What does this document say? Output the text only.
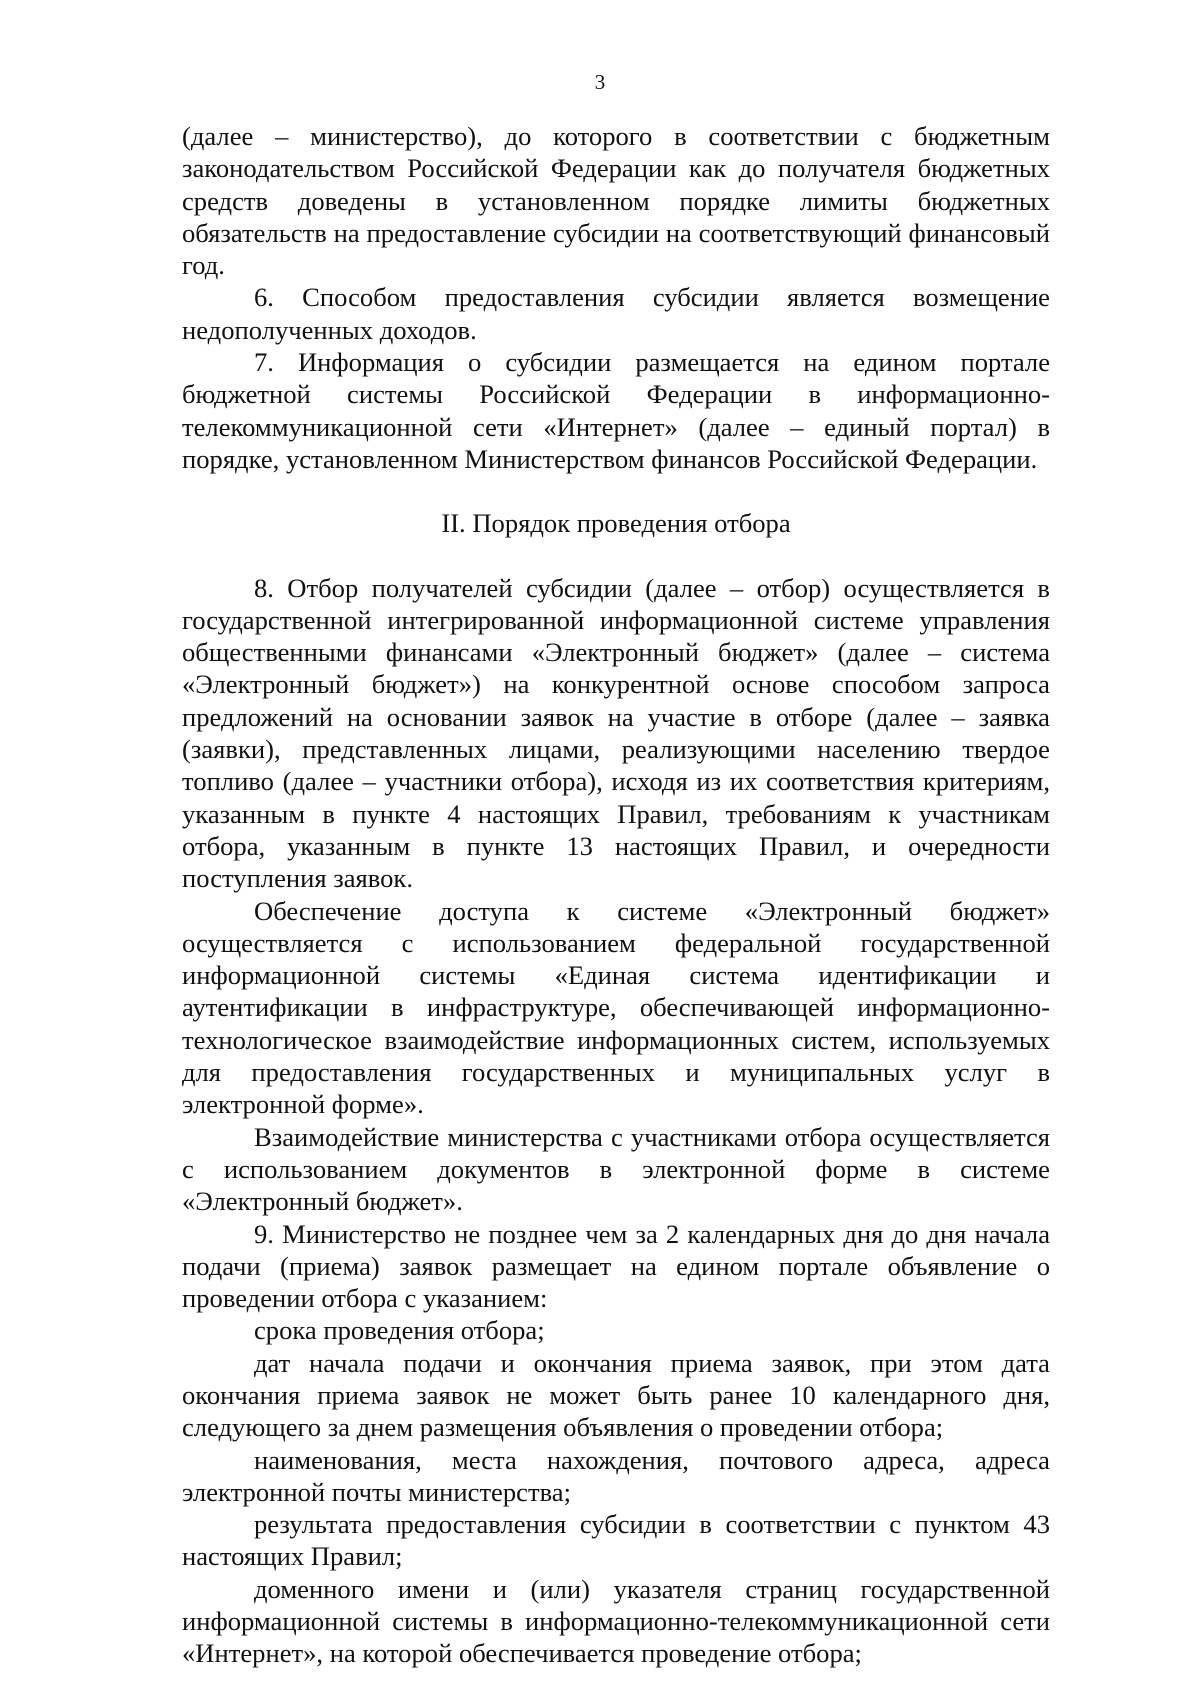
3

(далее – министерство), до которого в соответствии с бюджетным законодательством Российской Федерации как до получателя бюджетных средств доведены в установленном порядке лимиты бюджетных обязательств на предоставление субсидии на соответствующий финансовый год.

6. Способом предоставления субсидии является возмещение недополученных доходов.

7. Информация о субсидии размещается на едином портале бюджетной системы Российской Федерации в информационно-телекоммуникационной сети «Интернет» (далее – единый портал) в порядке, установленном Министерством финансов Российской Федерации.

II. Порядок проведения отбора

8. Отбор получателей субсидии (далее – отбор) осуществляется в государственной интегрированной информационной системе управления общественными финансами «Электронный бюджет» (далее – система «Электронный бюджет») на конкурентной основе способом запроса предложений на основании заявок на участие в отборе (далее – заявка (заявки), представленных лицами, реализующими населению твердое топливо (далее – участники отбора), исходя из их соответствия критериям, указанным в пункте 4 настоящих Правил, требованиям к участникам отбора, указанным в пункте 13 настоящих Правил, и очередности поступления заявок.

Обеспечение доступа к системе «Электронный бюджет» осуществляется с использованием федеральной государственной информационной системы «Единая система идентификации и аутентификации в инфраструктуре, обеспечивающей информационно-технологическое взаимодействие информационных систем, используемых для предоставления государственных и муниципальных услуг в электронной форме».

Взаимодействие министерства с участниками отбора осуществляется с использованием документов в электронной форме в системе «Электронный бюджет».

9. Министерство не позднее чем за 2 календарных дня до дня начала подачи (приема) заявок размещает на едином портале объявление о проведении отбора с указанием:

срока проведения отбора;

дат начала подачи и окончания приема заявок, при этом дата окончания приема заявок не может быть ранее 10 календарного дня, следующего за днем размещения объявления о проведении отбора;

наименования, места нахождения, почтового адреса, адреса электронной почты министерства;

результата предоставления субсидии в соответствии с пунктом 43 настоящих Правил;

доменного имени и (или) указателя страниц государственной информационной системы в информационно-телекоммуникационной сети «Интернет», на которой обеспечивается проведение отбора;
